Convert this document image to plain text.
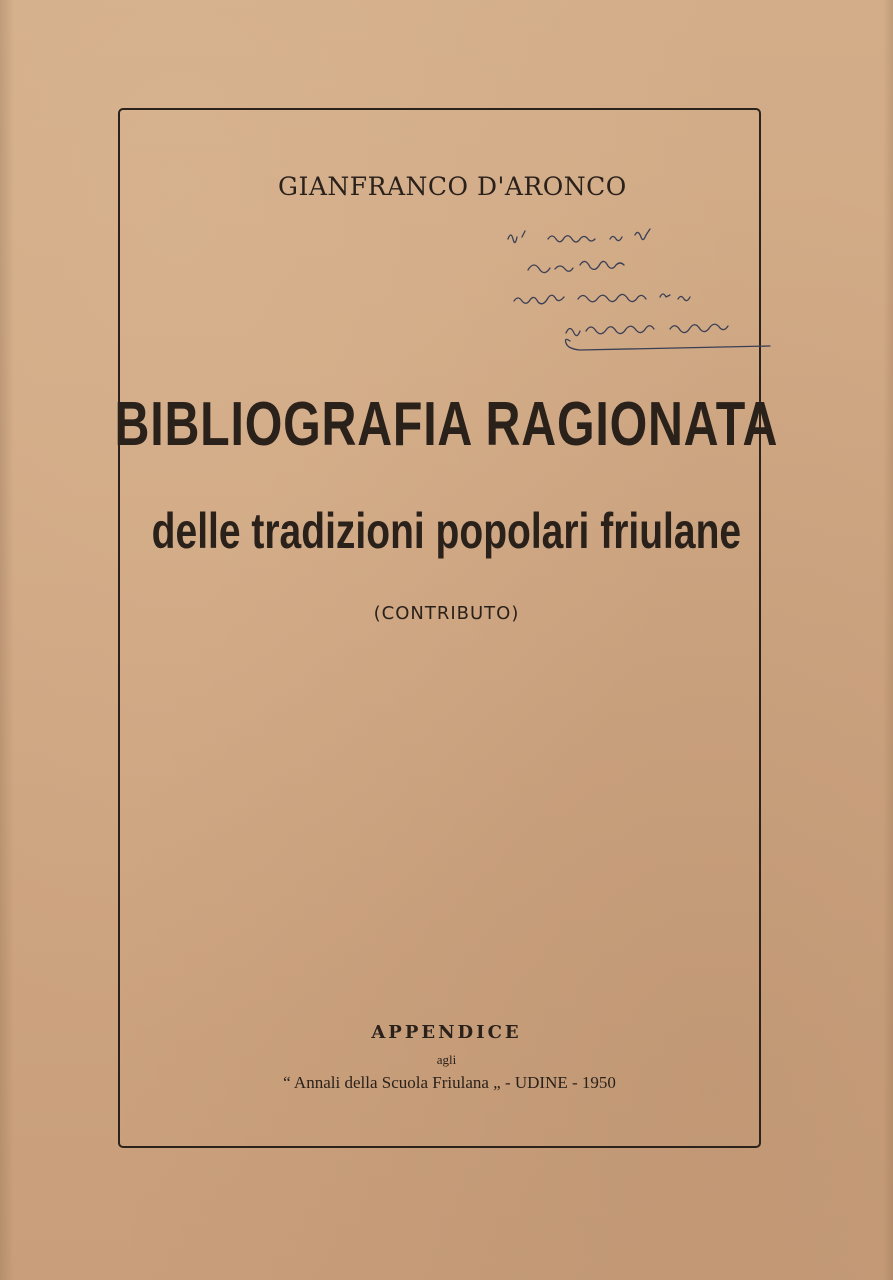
GIANFRANCO D'ARONCO

BIBLIOGRAFIA RAGIONATA
delle tradizioni popolari friulane

(CONTRIBUTO)

APPENDICE

agli

“ Annali della Scuola Friulana „ - UDINE - 1950
